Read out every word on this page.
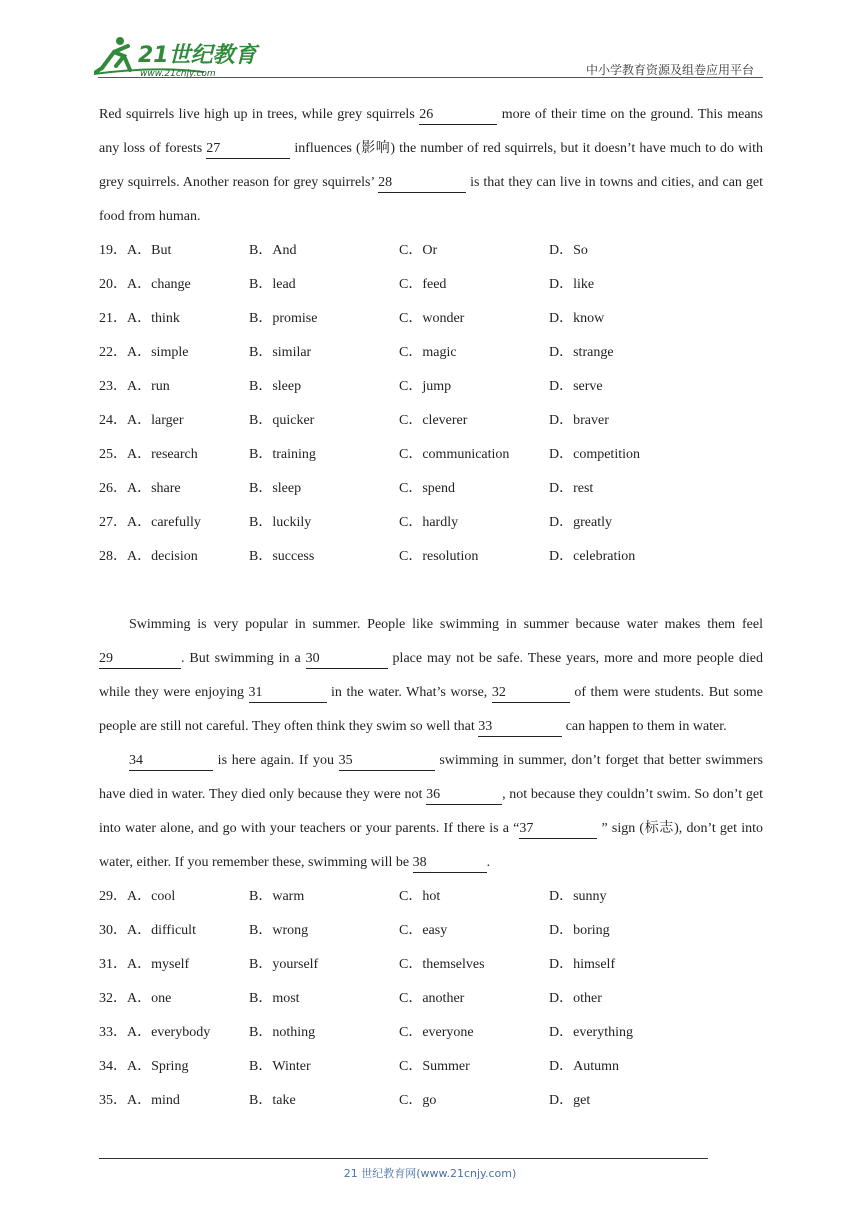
21世纪教育
www.21cnjy.com	中小学教育资源及组卷应用平台

Red squirrels live high up in trees, while grey squirrels 26	more of their time on the ground. This means any loss of forests 27	influences (影响) the number of red squirrels, but it doesn’t have much to do with grey squirrels. Another reason for grey squirrels’ 28	is that they can live in towns and cities, and can get food from human.

19．A．But	B．And	C．Or	D．So
20．A．change	B．lead	C．feed	D．like
21．A．think	B．promise	C．wonder	D．know
22．A．simple	B．similar	C．magic	D．strange
23．A．run	B．sleep	C．jump	D．serve
24．A．larger	B．quicker	C．cleverer	D．braver
25．A．research	B．training	C．communication	D．competition
26．A．share	B．sleep	C．spend	D．rest
27．A．carefully	B．luckily	C．hardly	D．greatly
28．A．decision	B．success	C．resolution	D．celebration

Swimming is very popular in summer. People like swimming in summer because water makes them feel 29	. But swimming in a 30	place may not be safe. These years, more and more people died while they were enjoying 31	in the water. What’s worse, 32	of them were students. But some people are still not careful. They often think they swim so well that 33	can happen to them in water.

34	is here again. If you 35	swimming in summer, don’t forget that better swimmers have died in water. They died only because they were not 36	, not because they couldn’t swim. So don’t get into water alone, and go with your teachers or your parents. If there is a “37	” sign (标志), don’t get into water, either. If you remember these, swimming will be 38	.

29．A．cool	B．warm	C．hot	D．sunny
30．A．difficult	B．wrong	C．easy	D．boring
31．A．myself	B．yourself	C．themselves	D．himself
32．A．one	B．most	C．another	D．other
33．A．everybody	B．nothing	C．everyone	D．everything
34．A．Spring	B．Winter	C．Summer	D．Autumn
35．A．mind	B．take	C．go	D．get
21 世纪教育网(www.21cnjy.com)
